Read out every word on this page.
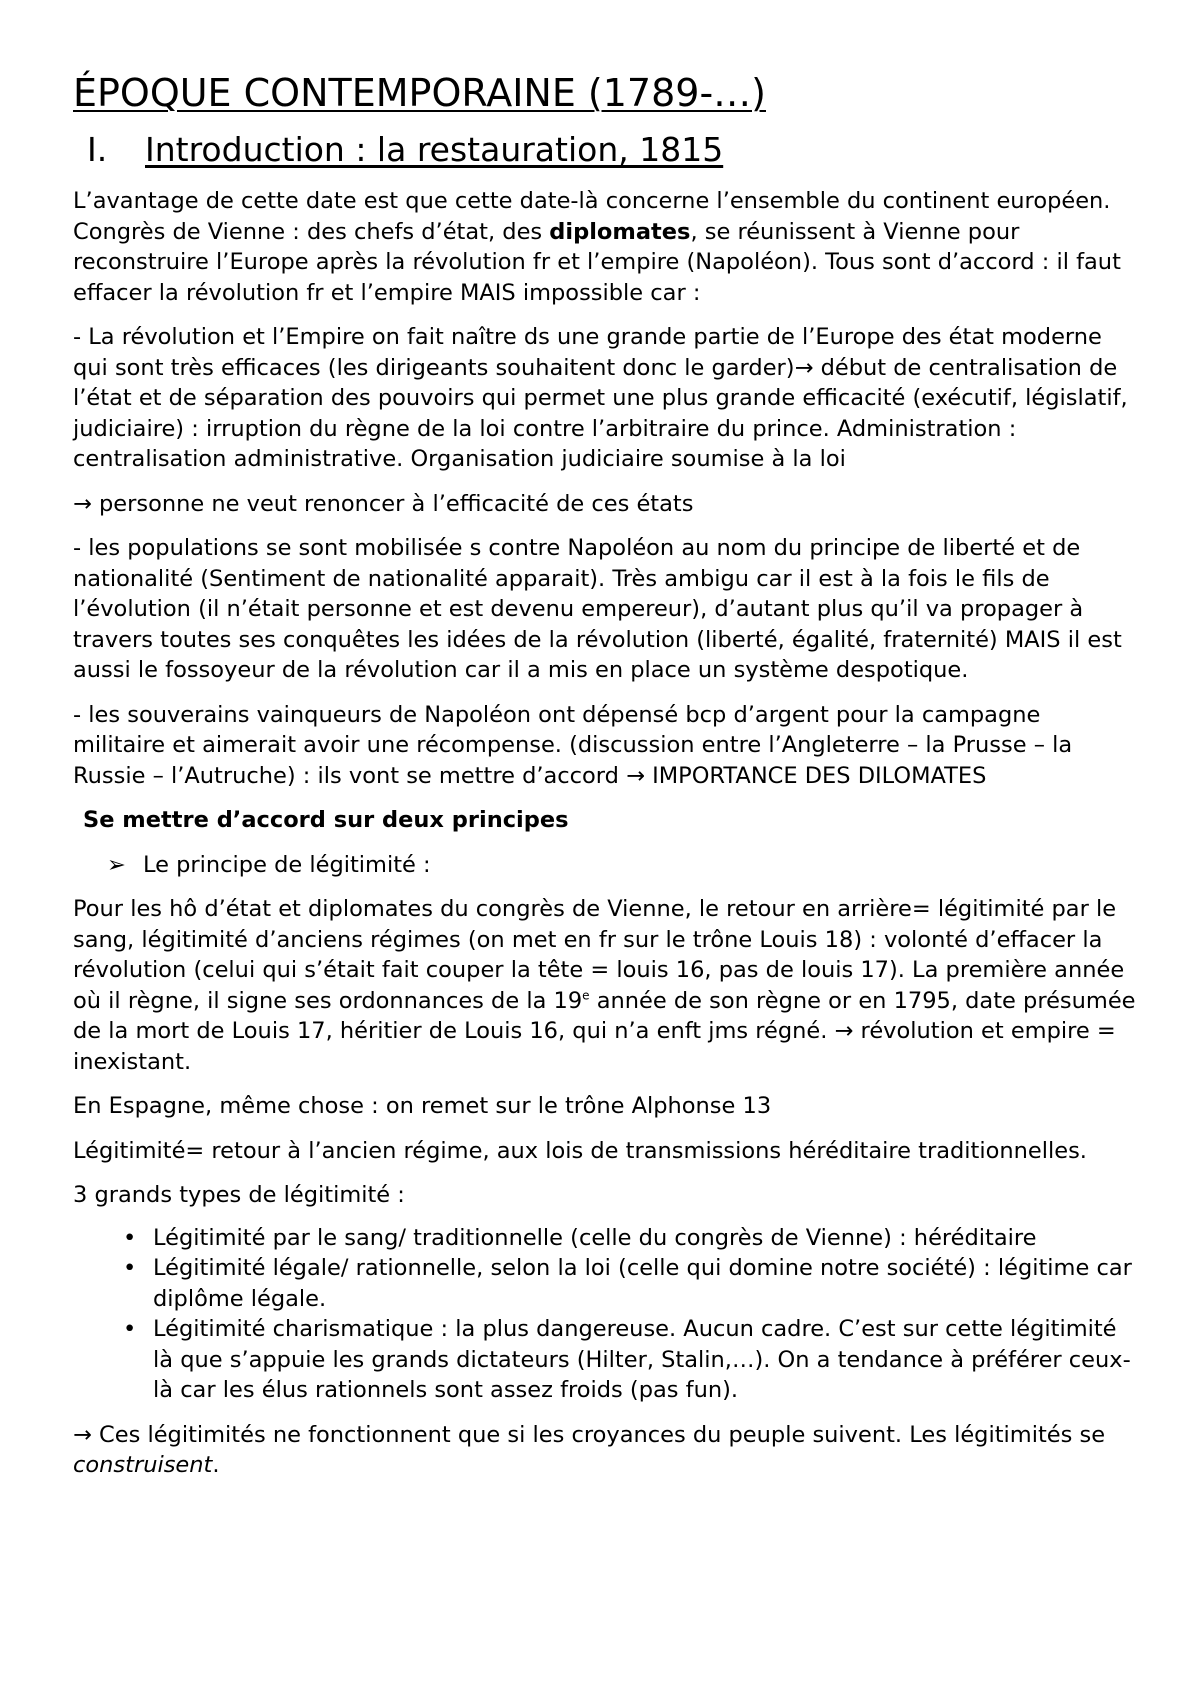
ÉPOQUE CONTEMPORAINE (1789-…)
I.	Introduction : la restauration, 1815

L’avantage de cette date est que cette date-là concerne l’ensemble du continent européen. Congrès de Vienne : des chefs d’état, des diplomates, se réunissent à Vienne pour reconstruire l’Europe après la révolution fr et l’empire (Napoléon). Tous sont d’accord : il faut effacer la révolution fr et l’empire MAIS impossible car :

- La révolution et l’Empire on fait naître ds une grande partie de l’Europe des état moderne qui sont très efficaces (les dirigeants souhaitent donc le garder)→ début de centralisation de l’état et de séparation des pouvoirs qui permet une plus grande efficacité (exécutif, législatif, judiciaire) : irruption du règne de la loi contre l’arbitraire du prince. Administration : centralisation administrative. Organisation judiciaire soumise à la loi

→ personne ne veut renoncer à l’efficacité de ces états

- les populations se sont mobilisée s contre Napoléon au nom du principe de liberté et de nationalité (Sentiment de nationalité apparait). Très ambigu car il est à la fois le fils de l’évolution (il n’était personne et est devenu empereur), d’autant plus qu’il va propager à travers toutes ses conquêtes les idées de la révolution (liberté, égalité, fraternité) MAIS il est aussi le fossoyeur de la révolution car il a mis en place un système despotique.

- les souverains vainqueurs de Napoléon ont dépensé bcp d’argent pour la campagne militaire et aimerait avoir une récompense. (discussion entre l’Angleterre – la Prusse – la Russie – l’Autruche) : ils vont se mettre d’accord → IMPORTANCE DES DILOMATES

Se mettre d’accord sur deux principes
➢ Le principe de légitimité :

Pour les hô d’état et diplomates du congrès de Vienne, le retour en arrière= légitimité par le sang, légitimité d’anciens régimes (on met en fr sur le trône Louis 18) : volonté d’effacer la révolution (celui qui s’était fait couper la tête = louis 16, pas de louis 17). La première année où il règne, il signe ses ordonnances de la 19e année de son règne or en 1795, date présumée de la mort de Louis 17, héritier de Louis 16, qui n’a enft jms régné. → révolution et empire = inexistant.

En Espagne, même chose : on remet sur le trône Alphonse 13

Légitimité= retour à l’ancien régime, aux lois de transmissions héréditaire traditionnelles.

3 grands types de légitimité :

• Légitimité par le sang/ traditionnelle (celle du congrès de Vienne) : héréditaire
• Légitimité légale/ rationnelle, selon la loi (celle qui domine notre société) : légitime car diplôme légale.
• Légitimité charismatique : la plus dangereuse. Aucun cadre. C’est sur cette légitimité là que s’appuie les grands dictateurs (Hilter, Stalin,…). On a tendance à préférer ceux-là car les élus rationnels sont assez froids (pas fun).

→ Ces légitimités ne fonctionnent que si les croyances du peuple suivent. Les légitimités se construisent.
